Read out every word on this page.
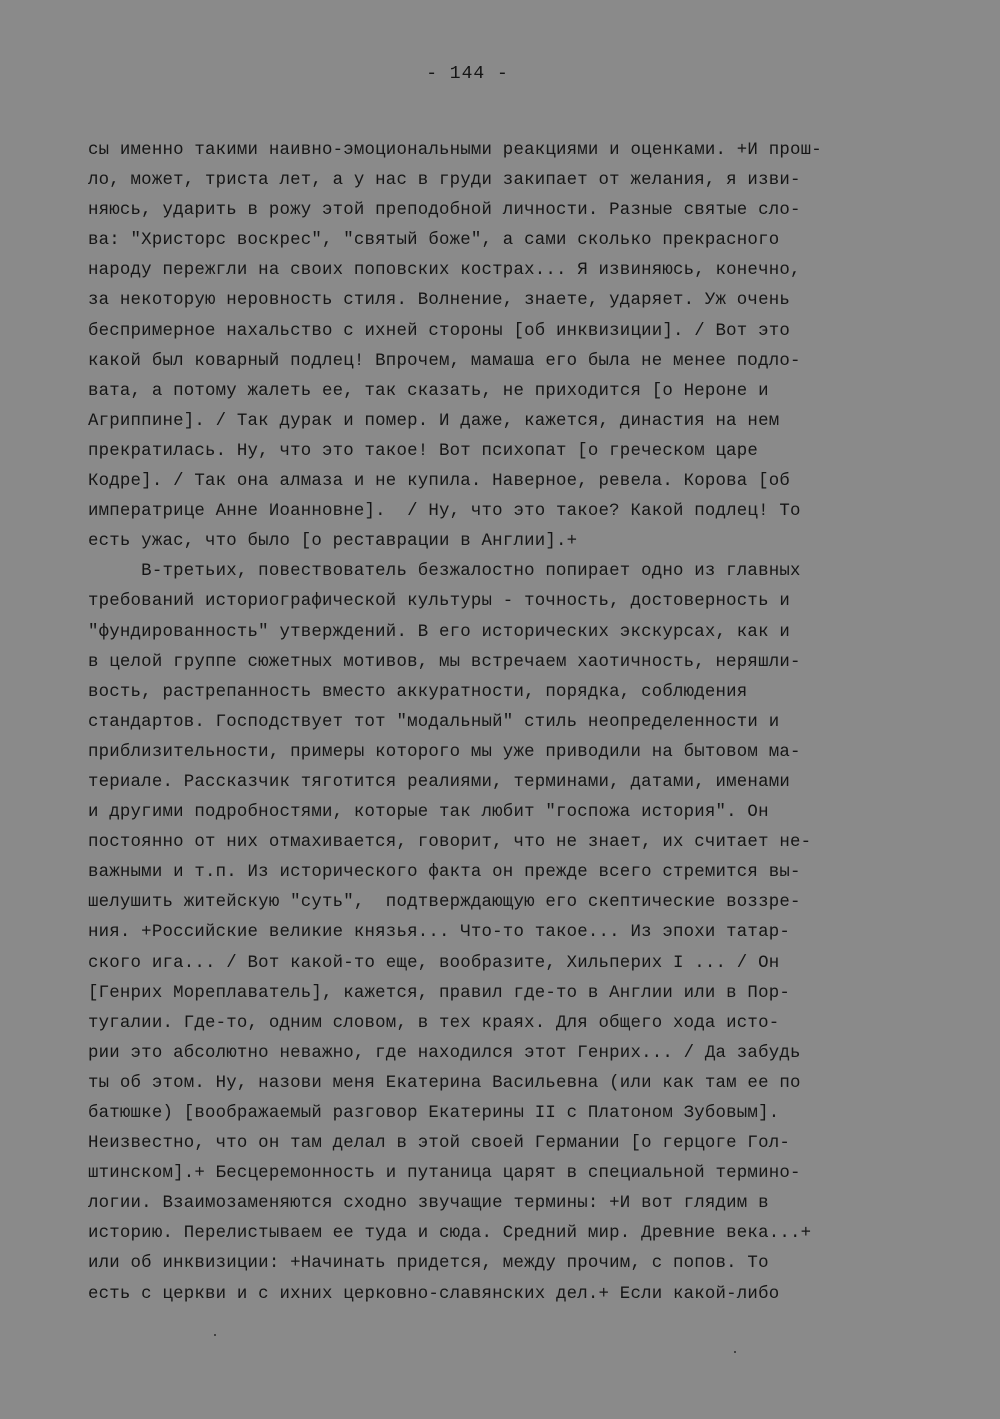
- 144 -
сы именно такими наивно-эмоциональными реакциями и оценками. +И прош-
ло, может, триста лет, а у нас в груди закипает от желания, я изви-
няюсь, ударить в рожу этой преподобной личности. Разные святые сло-
ва: "Христорс воскрес", "святый боже", а сами сколько прекрасного
народу пережгли на своих поповских кострах... Я извиняюсь, конечно,
за некоторую неровность стиля. Волнение, знаете, ударяет. Уж очень
беспримерное нахальство с ихней стороны [об инквизиции]. / Вот это
какой был коварный подлец! Впрочем, мамаша его была не менее подло-
вата, а потому жалеть ее, так сказать, не приходится [о Нероне и
Агриппине]. / Так дурак и помер. И даже, кажется, династия на нем
прекратилась. Ну, что это такое! Вот психопат [о греческом царе
Кодре]. / Так она алмаза и не купила. Наверное, ревела. Корова [об
императрице Анне Иоанновне].  / Ну, что это такое? Какой подлец! То
есть ужас, что было [о реставрации в Англии].+
В-третьих, повествователь безжалостно попирает одно из главных
требований историографической культуры - точность, достоверность и
"фундированность" утверждений. В его исторических экскурсах, как и
в целой группе сюжетных мотивов, мы встречаем хаотичность, неряшли-
вость, растрепанность вместо аккуратности, порядка, соблюдения
стандартов. Господствует тот "модальный" стиль неопределенности и
приблизительности, примеры которого мы уже приводили на бытовом ма-
териале. Рассказчик тяготится реалиями, терминами, датами, именами
и другими подробностями, которые так любит "госпожа история". Он
постоянно от них отмахивается, говорит, что не знает, их считает не-
важными и т.п. Из исторического факта он прежде всего стремится вы-
шелушить житейскую "суть",  подтверждающую его скептические воззре-
ния. +Российские великие князья... Что-то такое... Из эпохи татар-
ского ига... / Вот какой-то еще, вообразите, Хильперих I ... / Он
[Генрих Мореплаватель], кажется, правил где-то в Англии или в Пор-
тугалии. Где-то, одним словом, в тех краях. Для общего хода исто-
рии это абсолютно неважно, где находился этот Генрих... / Да забудь
ты об этом. Ну, назови меня Екатерина Васильевна (или как там ее по
батюшке) [воображаемый разговор Екатерины II с Платоном Зубовым].
Неизвестно, что он там делал в этой своей Германии [о герцоге Гол-
штинском].+ Бесцеремонность и путаница царят в специальной термино-
логии. Взаимозаменяются сходно звучащие термины: +И вот глядим в
историю. Перелистываем ее туда и сюда. Средний мир. Древние века...+
или об инквизиции: +Начинать придется, между прочим, с попов. То
есть с церкви и с ихних церковно-славянских дел.+ Если какой-либо
